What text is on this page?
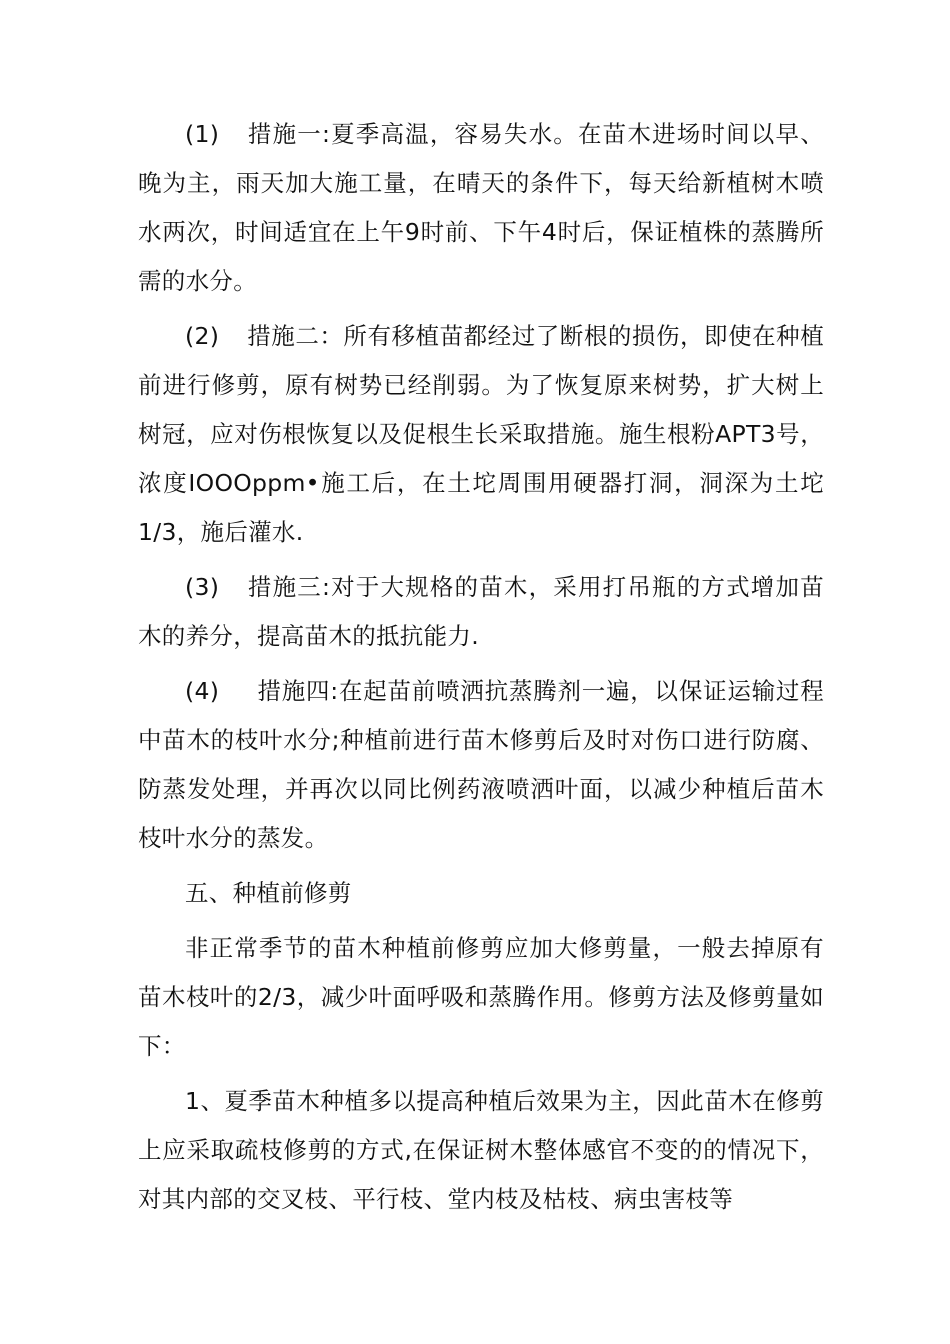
(1) 措施一:夏季高温，容易失水。在苗木进场时间以早、晚为主，雨天加大施工量，在晴天的条件下，每天给新植树木喷水两次，时间适宜在上午9时前、下午4时后，保证植株的蒸腾所需的水分。

(2) 措施二：所有移植苗都经过了断根的损伤，即使在种植前进行修剪，原有树势已经削弱。为了恢复原来树势，扩大树上树冠，应对伤根恢复以及促根生长采取措施。施生根粉APT3号，浓度IOOOppm•施工后，在土坨周围用硬器打洞，洞深为土坨1/3，施后灌水.

(3) 措施三:对于大规格的苗木，采用打吊瓶的方式增加苗木的养分，提高苗木的抵抗能力.

(4) 措施四:在起苗前喷洒抗蒸腾剂一遍，以保证运输过程中苗木的枝叶水分;种植前进行苗木修剪后及时对伤口进行防腐、防蒸发处理，并再次以同比例药液喷洒叶面，以减少种植后苗木枝叶水分的蒸发。

五、种植前修剪

非正常季节的苗木种植前修剪应加大修剪量，一般去掉原有苗木枝叶的2/3，减少叶面呼吸和蒸腾作用。修剪方法及修剪量如下：

1、夏季苗木种植多以提高种植后效果为主，因此苗木在修剪上应采取疏枝修剪的方式,在保证树木整体感官不变的的情况下，对其内部的交叉枝、平行枝、堂内枝及枯枝、病虫害枝等
